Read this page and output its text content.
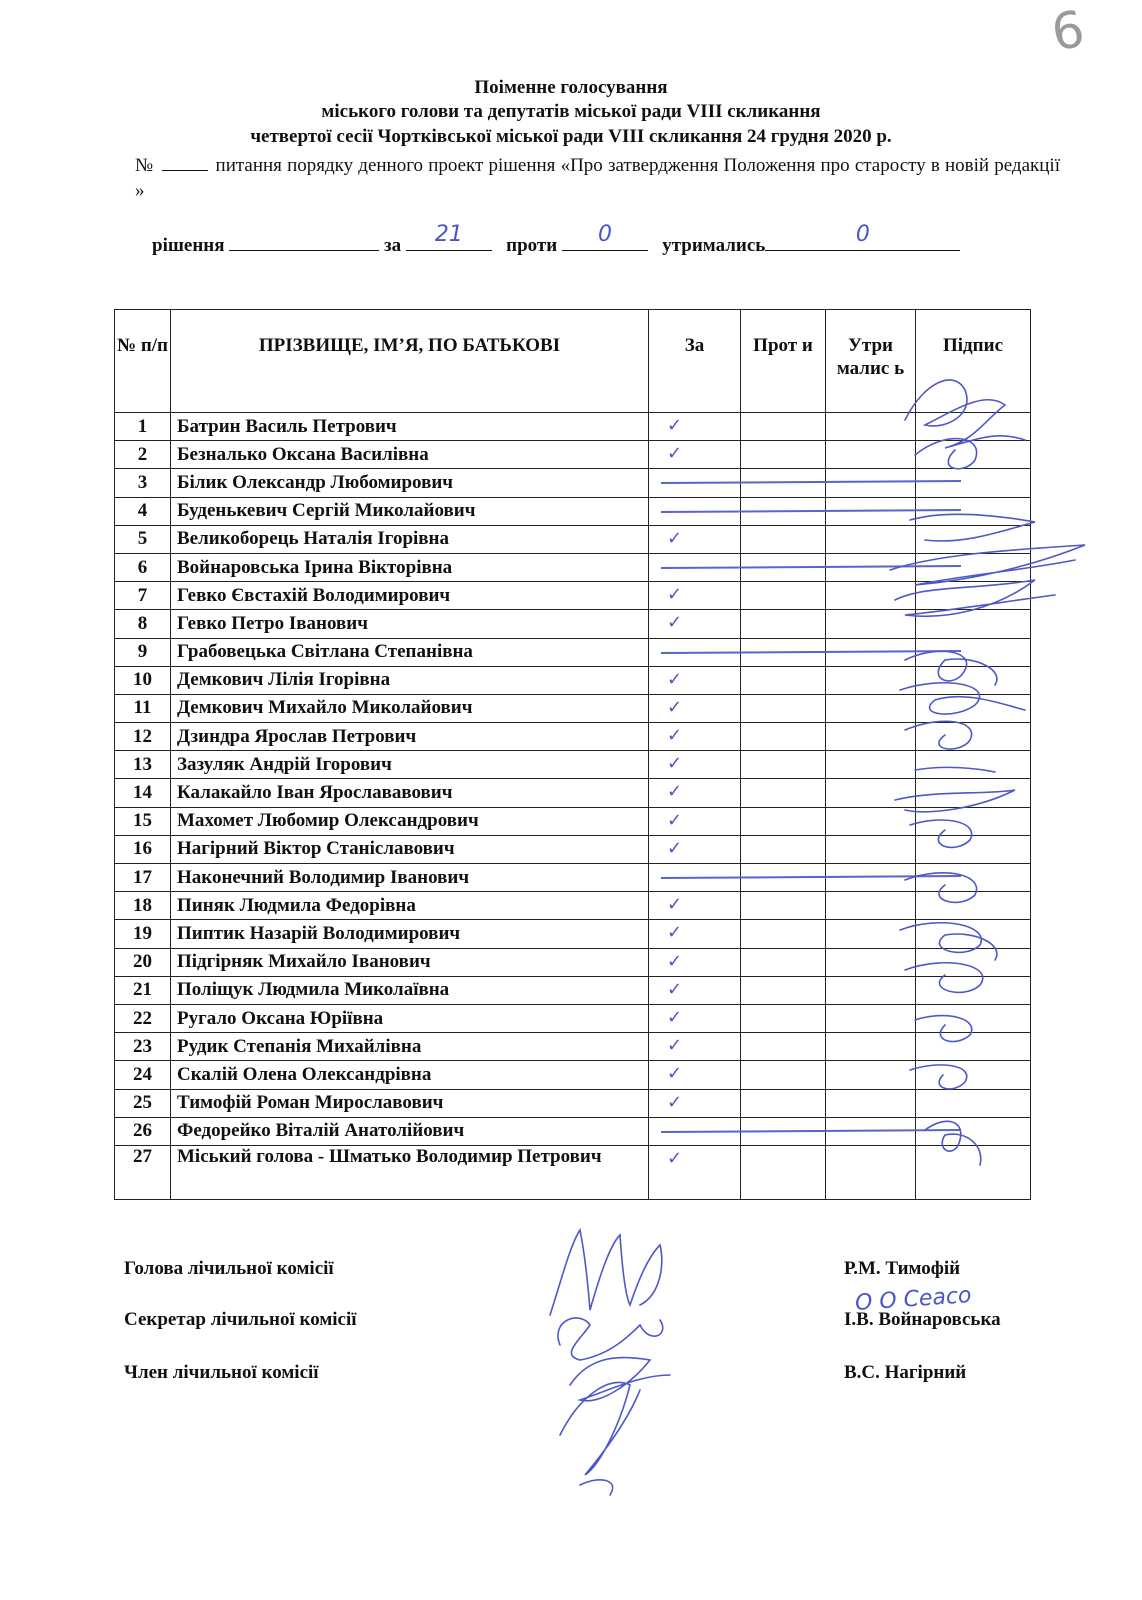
6
Поіменне голосування
міського голови та депутатів міської ради VIII скликання
четвертої сесії Чортківської міської ради VIII скликання 24 грудня 2020 р.
№	питання порядку денного проект рішення «Про затвердження Положення про старосту в новій редакції »
рішення	за	21	проти	0	утримались	0
№ п/п	ПРІЗВИЩЕ, ІМ’Я, ПО БАТЬКОВІ	За	Прот и	Утри малис ь	Підпис
1	Батрин Василь Петрович	✓			

2	Безналько Оксана Василівна	✓			

3	Білик Олександр Любомирович	

4	Буденькевич Сергій Миколайович	

5	Великоборець Наталія Ігорівна	✓			

6	Войнаровська Ірина Вікторівна	

7	Гевко Євстахій Володимирович	✓			

8	Гевко Петро Іванович	✓			

9	Грабовецька Світлана Степанівна	

10	Демкович Лілія Ігорівна	✓			

11	Демкович Михайло Миколайович	✓			

12	Дзиндра Ярослав Петрович	✓			

13	Зазуляк Андрій Ігорович	✓			

14	Калакайло Іван Ярослававович	✓			

15	Махомет Любомир Олександрович	✓			

16	Нагірний Віктор Станіславович	✓			

17	Наконечний Володимир Іванович	

18	Пиняк Людмила Федорівна	✓			

19	Пиптик Назарій Володимирович	✓			

20	Підгірняк Михайло Іванович	✓			

21	Поліщук Людмила Миколаївна	✓			

22	Ругало Оксана Юріївна	✓			

23	Рудик Степанія Михайлівна	✓			

24	Скалій Олена Олександрівна	✓			

25	Тимофій Роман Мирославович	✓			

26	Федорейко Віталій Анатолійович	

27	Міський голова - Шматько Володимир Петрович	✓			

Голова лічильної комісії	Р.М. Тимофій
Секретар лічильної комісії	І.В. Войнаровська
Член лічильної комісії	В.С. Нагірний
O O Ceaco
